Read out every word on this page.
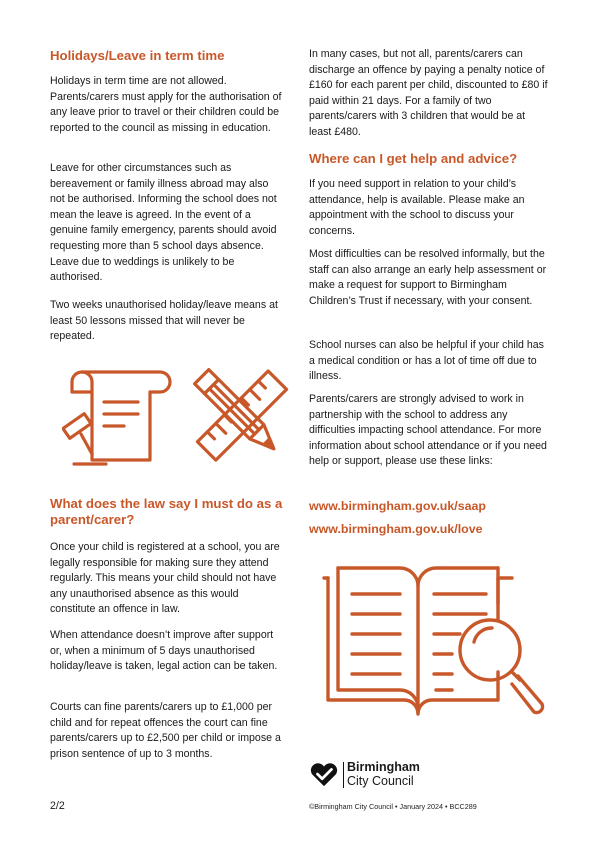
Holidays/Leave in term time

Holidays in term time are not allowed. Parents/carers must apply for the authorisation of any leave prior to travel or their children could be reported to the council as missing in education.

Leave for other circumstances such as bereavement or family illness abroad may also not be authorised. Informing the school does not mean the leave is agreed. In the event of a genuine family emergency, parents should avoid requesting more than 5 school days absence. Leave due to weddings is unlikely to be authorised.

Two weeks unauthorised holiday/leave means at least 50 lessons missed that will never be repeated.

What does the law say I must do as a parent/carer?

Once your child is registered at a school, you are legally responsible for making sure they attend regularly. This means your child should not have any unauthorised absence as this would constitute an offence in law.

When attendance doesn’t improve after support or, when a minimum of 5 days unauthorised holiday/leave is taken, legal action can be taken.

Courts can fine parents/carers up to £1,000 per child and for repeat offences the court can fine parents/carers up to £2,500 per child or impose a prison sentence of up to 3 months.

In many cases, but not all, parents/carers can discharge an offence by paying a penalty notice of £160 for each parent per child, discounted to £80 if paid within 21 days. For a family of two parents/carers with 3 children that would be at least £480.

Where can I get help and advice?

If you need support in relation to your child’s attendance, help is available. Please make an appointment with the school to discuss your concerns.

Most difficulties can be resolved informally, but the staff can also arrange an early help assessment or make a request for support to Birmingham Children’s Trust if necessary, with your consent.

School nurses can also be helpful if your child has a medical condition or has a lot of time off due to illness.

Parents/carers are strongly advised to work in partnership with the school to address any difficulties impacting school attendance. For more information about school attendance or if you need help or support, please use these links:

www.birmingham.gov.uk/saap
www.birmingham.gov.uk/love
Birmingham
City Council
2/2	©Birmingham City Council • January 2024 • BCC289
